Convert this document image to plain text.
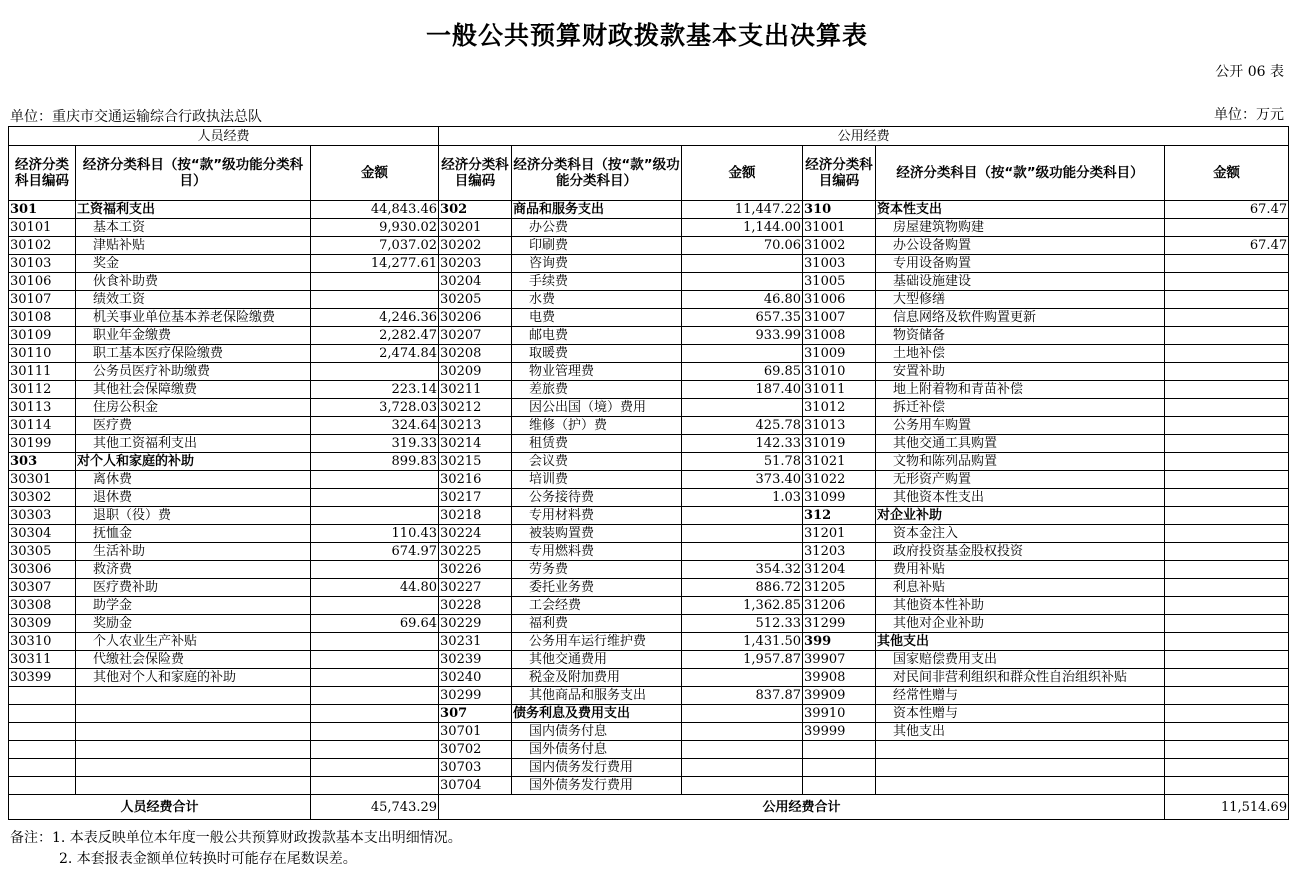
一般公共预算财政拨款基本支出决算表
公开 06 表
单位：重庆市交通运输综合行政执法总队	单位：万元
人员经费			公用经费					
经济分类科目编码	经济分类科目（按“款”级功能分类科目）	金额	经济分类科目编码	经济分类科目（按“款”级功能分类科目）	金额	经济分类科目编码	经济分类科目（按“款”级功能分类科目）	金额
301	工资福利支出	44,843.46	302	商品和服务支出	11,447.22	310	资本性支出	67.47
30101	基本工资	9,930.02	30201	办公费	1,144.00	31001	房屋建筑物购建	
30102	津贴补贴	7,037.02	30202	印刷费	70.06	31002	办公设备购置	67.47
30103	奖金	14,277.61	30203	咨询费		31003	专用设备购置	
30106	伙食补助费		30204	手续费		31005	基础设施建设	
30107	绩效工资		30205	水费	46.80	31006	大型修缮	
30108	机关事业单位基本养老保险缴费	4,246.36	30206	电费	657.35	31007	信息网络及软件购置更新	
30109	职业年金缴费	2,282.47	30207	邮电费	933.99	31008	物资储备	
30110	职工基本医疗保险缴费	2,474.84	30208	取暖费		31009	土地补偿	
30111	公务员医疗补助缴费		30209	物业管理费	69.85	31010	安置补助	
30112	其他社会保障缴费	223.14	30211	差旅费	187.40	31011	地上附着物和青苗补偿	
30113	住房公积金	3,728.03	30212	因公出国（境）费用		31012	拆迁补偿	
30114	医疗费	324.64	30213	维修（护）费	425.78	31013	公务用车购置	
30199	其他工资福利支出	319.33	30214	租赁费	142.33	31019	其他交通工具购置	
303	对个人和家庭的补助	899.83	30215	会议费	51.78	31021	文物和陈列品购置	
30301	离休费		30216	培训费	373.40	31022	无形资产购置	
30302	退休费		30217	公务接待费	1.03	31099	其他资本性支出	
30303	退职（役）费		30218	专用材料费		312	对企业补助	
30304	抚恤金	110.43	30224	被装购置费		31201	资本金注入	
30305	生活补助	674.97	30225	专用燃料费		31203	政府投资基金股权投资	
30306	救济费		30226	劳务费	354.32	31204	费用补贴	
30307	医疗费补助	44.80	30227	委托业务费	886.72	31205	利息补贴	
30308	助学金		30228	工会经费	1,362.85	31206	其他资本性补助	
30309	奖励金	69.64	30229	福利费	512.33	31299	其他对企业补助	
30310	个人农业生产补贴		30231	公务用车运行维护费	1,431.50	399	其他支出	
30311	代缴社会保险费		30239	其他交通费用	1,957.87	39907	国家赔偿费用支出	
30399	其他对个人和家庭的补助		30240	税金及附加费用		39908	对民间非营利组织和群众性自治组织补贴	
			30299	其他商品和服务支出	837.87	39909	经常性赠与	
			307	债务利息及费用支出		39910	资本性赠与	
			30701	国内债务付息		39999	其他支出	
			30702	国外债务付息				
			30703	国内债务发行费用				
			30704	国外债务发行费用				
人员经费合计		45,743.29	公用经费合计					11,514.69
备注：1. 本表反映单位本年度一般公共预算财政拨款基本支出明细情况。
2. 本套报表金额单位转换时可能存在尾数误差。
